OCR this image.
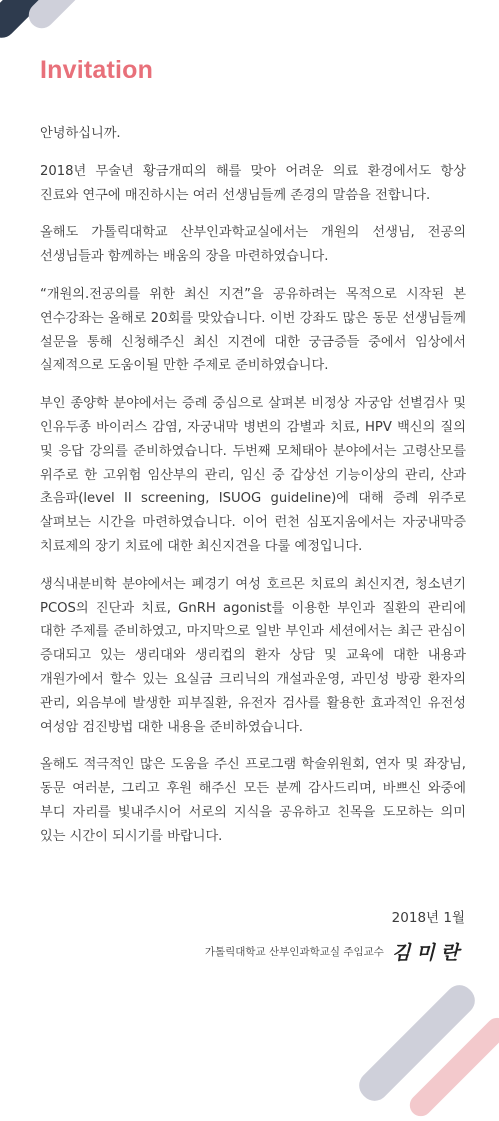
Invitation

안녕하십니까.

2018년 무술년 황금개띠의 해를 맞아 어려운 의료 환경에서도 항상 진료와 연구에 매진하시는 여러 선생님들께 존경의 말씀을 전합니다.

올해도 가톨릭대학교 산부인과학교실에서는 개원의 선생님, 전공의 선생님들과 함께하는 배움의 장을 마련하였습니다.

“개원의.전공의를 위한 최신 지견”을 공유하려는 목적으로 시작된 본 연수강좌는 올해로 20회를 맞았습니다. 이번 강좌도 많은 동문 선생님들께 설문을 통해 신청해주신 최신 지견에 대한 궁금증들 중에서 임상에서 실제적으로 도움이될 만한 주제로 준비하였습니다.

부인 종양학 분야에서는 증례 중심으로 살펴본 비정상 자궁암 선별검사 및 인유두종 바이러스 감염, 자궁내막 병변의 감별과 치료, HPV 백신의 질의 및 응답 강의를 준비하였습니다. 두번째 모체태아 분야에서는 고령산모를 위주로 한 고위험 임산부의 관리, 임신 중 갑상선 기능이상의 관리, 산과 초음파(level II screening, ISUOG guideline)에 대해 증례 위주로 살펴보는 시간을 마련하였습니다. 이어 런천 심포지움에서는 자궁내막증 치료제의 장기 치료에 대한 최신지견을 다룰 예정입니다.

생식내분비학 분야에서는 폐경기 여성 호르몬 치료의 최신지견, 청소년기 PCOS의 진단과 치료, GnRH agonist를 이용한 부인과 질환의 관리에 대한 주제를 준비하였고, 마지막으로 일반 부인과 세션에서는 최근 관심이 증대되고 있는 생리대와 생리컵의 환자 상담 및 교육에 대한 내용과 개원가에서 할수 있는 요실금 크리닉의 개설과운영, 과민성 방광 환자의 관리, 외음부에 발생한 피부질환, 유전자 검사를 활용한 효과적인 유전성 여성암 검진방법 대한 내용을 준비하였습니다.

올해도 적극적인 많은 도움을 주신 프로그램 학술위원회, 연자 및 좌장님, 동문 여러분, 그리고 후원 해주신 모든 분께 감사드리며, 바쁘신 와중에 부디 자리를 빛내주시어 서로의 지식을 공유하고 친목을 도모하는 의미 있는 시간이 되시기를 바랍니다.

2018년 1월
가톨릭대학교 산부인과학교실 주임교수 김미란
